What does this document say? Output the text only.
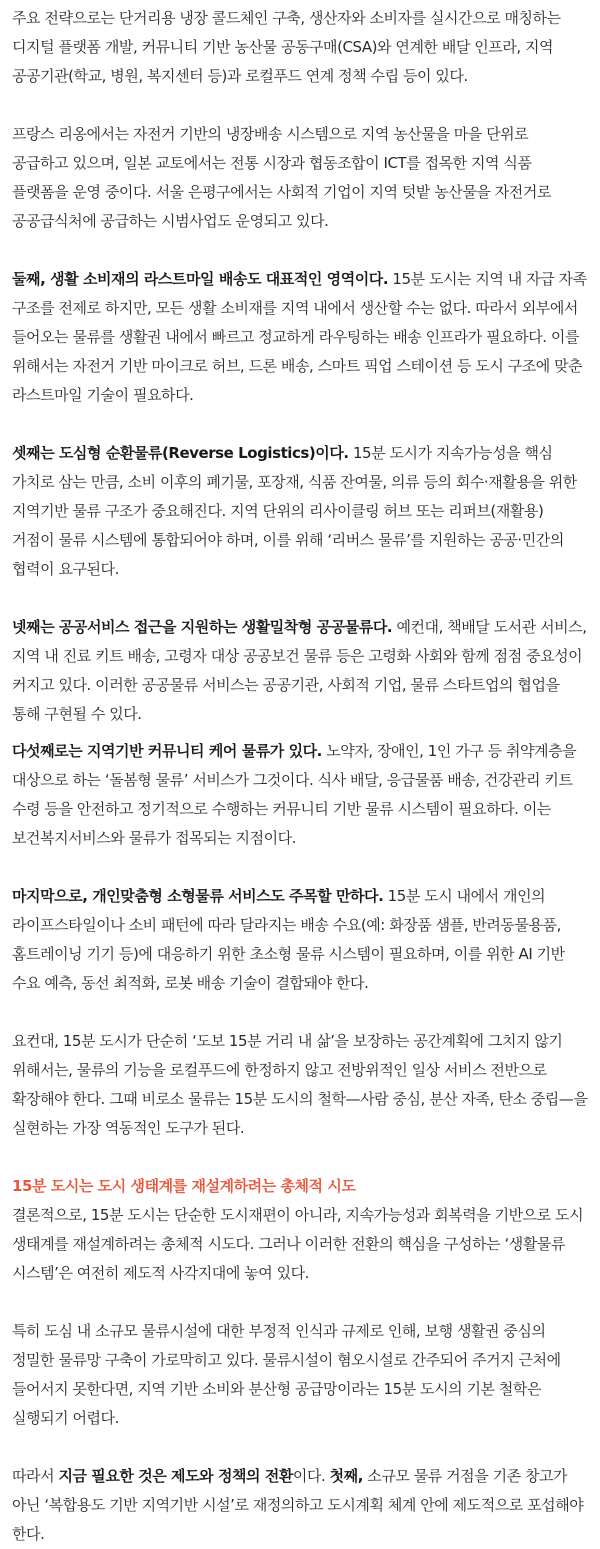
주요 전략으로는 단거리용 냉장 콜드체인 구축, 생산자와 소비자를 실시간으로 매칭하는 디지털 플랫폼 개발, 커뮤니티 기반 농산물 공동구매(CSA)와 연계한 배달 인프라, 지역 공공기관(학교, 병원, 복지센터 등)과 로컬푸드 연계 정책 수립 등이 있다.

프랑스 리옹에서는 자전거 기반의 냉장배송 시스템으로 지역 농산물을 마을 단위로 공급하고 있으며, 일본 교토에서는 전통 시장과 협동조합이 ICT를 접목한 지역 식품 플랫폼을 운영 중이다. 서울 은평구에서는 사회적 기업이 지역 텃밭 농산물을 자전거로 공공급식처에 공급하는 시범사업도 운영되고 있다.

둘째, 생활 소비재의 라스트마일 배송도 대표적인 영역이다. 15분 도시는 지역 내 자급 자족 구조를 전제로 하지만, 모든 생활 소비재를 지역 내에서 생산할 수는 없다. 따라서 외부에서 들어오는 물류를 생활권 내에서 빠르고 정교하게 라우팅하는 배송 인프라가 필요하다. 이를 위해서는 자전거 기반 마이크로 허브, 드론 배송, 스마트 픽업 스테이션 등 도시 구조에 맞춘 라스트마일 기술이 필요하다.

셋째는 도심형 순환물류(Reverse Logistics)이다. 15분 도시가 지속가능성을 핵심 가치로 삼는 만큼, 소비 이후의 폐기물, 포장재, 식품 잔여물, 의류 등의 회수·재활용을 위한 지역기반 물류 구조가 중요해진다. 지역 단위의 리사이클링 허브 또는 리퍼브(재활용) 거점이 물류 시스템에 통합되어야 하며, 이를 위해 ‘리버스 물류’를 지원하는 공공·민간의 협력이 요구된다.

넷째는 공공서비스 접근을 지원하는 생활밀착형 공공물류다. 예컨대, 책배달 도서관 서비스, 지역 내 진료 키트 배송, 고령자 대상 공공보건 물류 등은 고령화 사회와 함께 점점 중요성이 커지고 있다. 이러한 공공물류 서비스는 공공기관, 사회적 기업, 물류 스타트업의 협업을 통해 구현될 수 있다.

다섯째로는 지역기반 커뮤니티 케어 물류가 있다. 노약자, 장애인, 1인 가구 등 취약계층을 대상으로 하는 ‘돌봄형 물류’ 서비스가 그것이다. 식사 배달, 응급물품 배송, 건강관리 키트 수령 등을 안전하고 정기적으로 수행하는 커뮤니티 기반 물류 시스템이 필요하다. 이는 보건복지서비스와 물류가 접목되는 지점이다.

마지막으로, 개인맞춤형 소형물류 서비스도 주목할 만하다. 15분 도시 내에서 개인의 라이프스타일이나 소비 패턴에 따라 달라지는 배송 수요(예: 화장품 샘플, 반려동물용품, 홈트레이닝 기기 등)에 대응하기 위한 초소형 물류 시스템이 필요하며, 이를 위한 AI 기반 수요 예측, 동선 최적화, 로봇 배송 기술이 결합돼야 한다.

요컨대, 15분 도시가 단순히 ‘도보 15분 거리 내 삶’을 보장하는 공간계획에 그치지 않기 위해서는, 물류의 기능을 로컬푸드에 한정하지 않고 전방위적인 일상 서비스 전반으로 확장해야 한다. 그때 비로소 물류는 15분 도시의 철학—사람 중심, 분산 자족, 탄소 중립—을 실현하는 가장 역동적인 도구가 된다.

15분 도시는 도시 생태계를 재설계하려는 총체적 시도

결론적으로, 15분 도시는 단순한 도시재편이 아니라, 지속가능성과 회복력을 기반으로 도시 생태계를 재설계하려는 총체적 시도다. 그러나 이러한 전환의 핵심을 구성하는 ‘생활물류 시스템’은 여전히 제도적 사각지대에 놓여 있다.

특히 도심 내 소규모 물류시설에 대한 부정적 인식과 규제로 인해, 보행 생활권 중심의 정밀한 물류망 구축이 가로막히고 있다. 물류시설이 혐오시설로 간주되어 주거지 근처에 들어서지 못한다면, 지역 기반 소비와 분산형 공급망이라는 15분 도시의 기본 철학은 실행되기 어렵다.

따라서 지금 필요한 것은 제도와 정책의 전환이다. 첫째, 소규모 물류 거점을 기존 창고가 아닌 ‘복합용도 기반 지역기반 시설’로 재정의하고 도시계획 체계 안에 제도적으로 포섭해야 한다.
